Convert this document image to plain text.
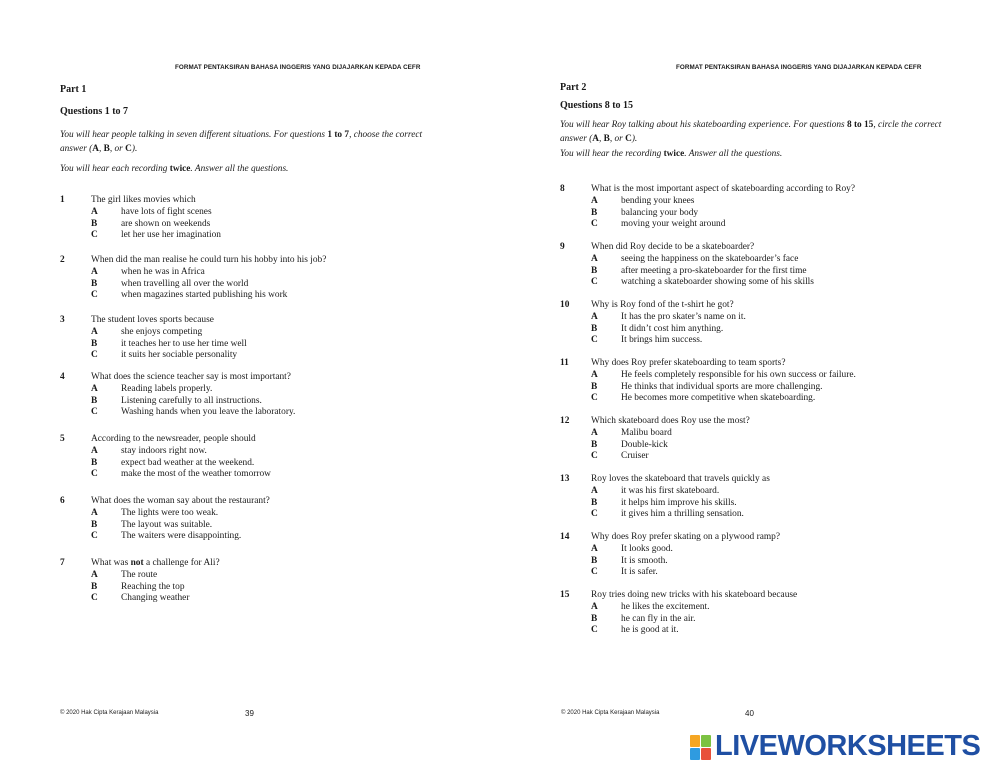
FORMAT PENTAKSIRAN BAHASA INGGERIS YANG DIJAJARKAN KEPADA CEFR
Part 1
Questions 1 to 7
You will hear people talking in seven different situations. For questions 1 to 7, choose the correct answer (A, B, or C).
You will hear each recording twice. Answer all the questions.
1	The girl likes movies which
A have lots of fight scenes
B	are shown on weekends
C let her use her imagination
2	When did the man realise he could turn his hobby into his job?
A when he was in Africa
B	when travelling all over the world
C when magazines started publishing his work
3	The student loves sports because
A she enjoys competing
B	it teaches her to use her time well
C it suits her sociable personality
4	What does the science teacher say is most important?
A Reading labels properly.
B	Listening carefully to all instructions.
C Washing hands when you leave the laboratory.
5	According to the newsreader, people should
A stay indoors right now.
B	expect bad weather at the weekend.
C make the most of the weather tomorrow
6	What does the woman say about the restaurant?
A The lights were too weak.
B	The layout was suitable.
C The waiters were disappointing.
7	What was not a challenge for Ali?
A The route
B	Reaching the top
C Changing weather
© 2020 Hak Cipta Kerajaan Malaysia	39
FORMAT PENTAKSIRAN BAHASA INGGERIS YANG DIJAJARKAN KEPADA CEFR
Part 2
Questions 8 to 15
You will hear Roy talking about his skateboarding experience. For questions 8 to 15, circle the correct answer (A, B, or C).
You will hear the recording twice. Answer all the questions.
8	What is the most important aspect of skateboarding according to Roy?
A bending your knees
B	balancing your body
C moving your weight around
9	When did Roy decide to be a skateboarder?
A seeing the happiness on the skateboarder’s face
B	after meeting a pro-skateboarder for the first time
C watching a skateboarder showing some of his skills
10 Why is Roy fond of the t-shirt he got?
A It has the pro skater’s name on it.
B	It didn’t cost him anything.
C It brings him success.
11 Why does Roy prefer skateboarding to team sports?
A He feels completely responsible for his own success or failure.
B	He thinks that individual sports are more challenging.
C He becomes more competitive when skateboarding.
12 Which skateboard does Roy use the most?
A Malibu board
B	Double-kick
C Cruiser
13 Roy loves the skateboard that travels quickly as
A it was his first skateboard.
B	it helps him improve his skills.
C it gives him a thrilling sensation.
14 Why does Roy prefer skating on a plywood ramp?
A It looks good.
B	It is smooth.
C It is safer.
15 Roy tries doing new tricks with his skateboard because
A he likes the excitement.
B	he can fly in the air.
C he is good at it.
© 2020 Hak Cipta Kerajaan Malaysia	40
LIVEWORKSHEETS
